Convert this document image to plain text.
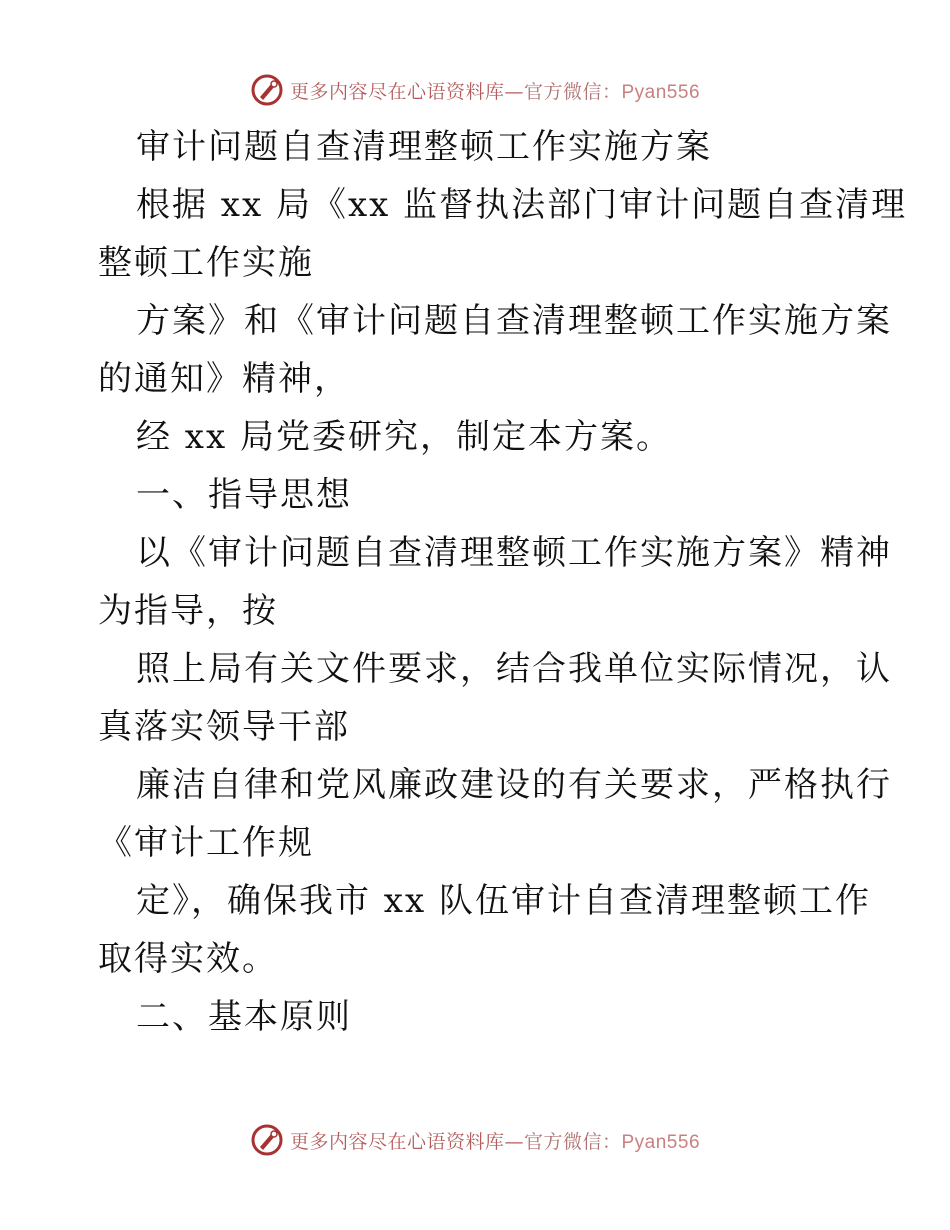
更多内容尽在心语资料库—官方微信：Pyan556
审计问题自查清理整顿工作实施方案
根据 xx 局《xx 监督执法部门审计问题自查清理
整顿工作实施
方案》和《审计问题自查清理整顿工作实施方案
的通知》精神，
经 xx 局党委研究，制定本方案。
一、指导思想
以《审计问题自查清理整顿工作实施方案》精神
为指导，按
照上局有关文件要求，结合我单位实际情况，认
真落实领导干部
廉洁自律和党风廉政建设的有关要求，严格执行
《审计工作规
定》，确保我市 xx 队伍审计自查清理整顿工作
取得实效。
二、基本原则
更多内容尽在心语资料库—官方微信：Pyan556
